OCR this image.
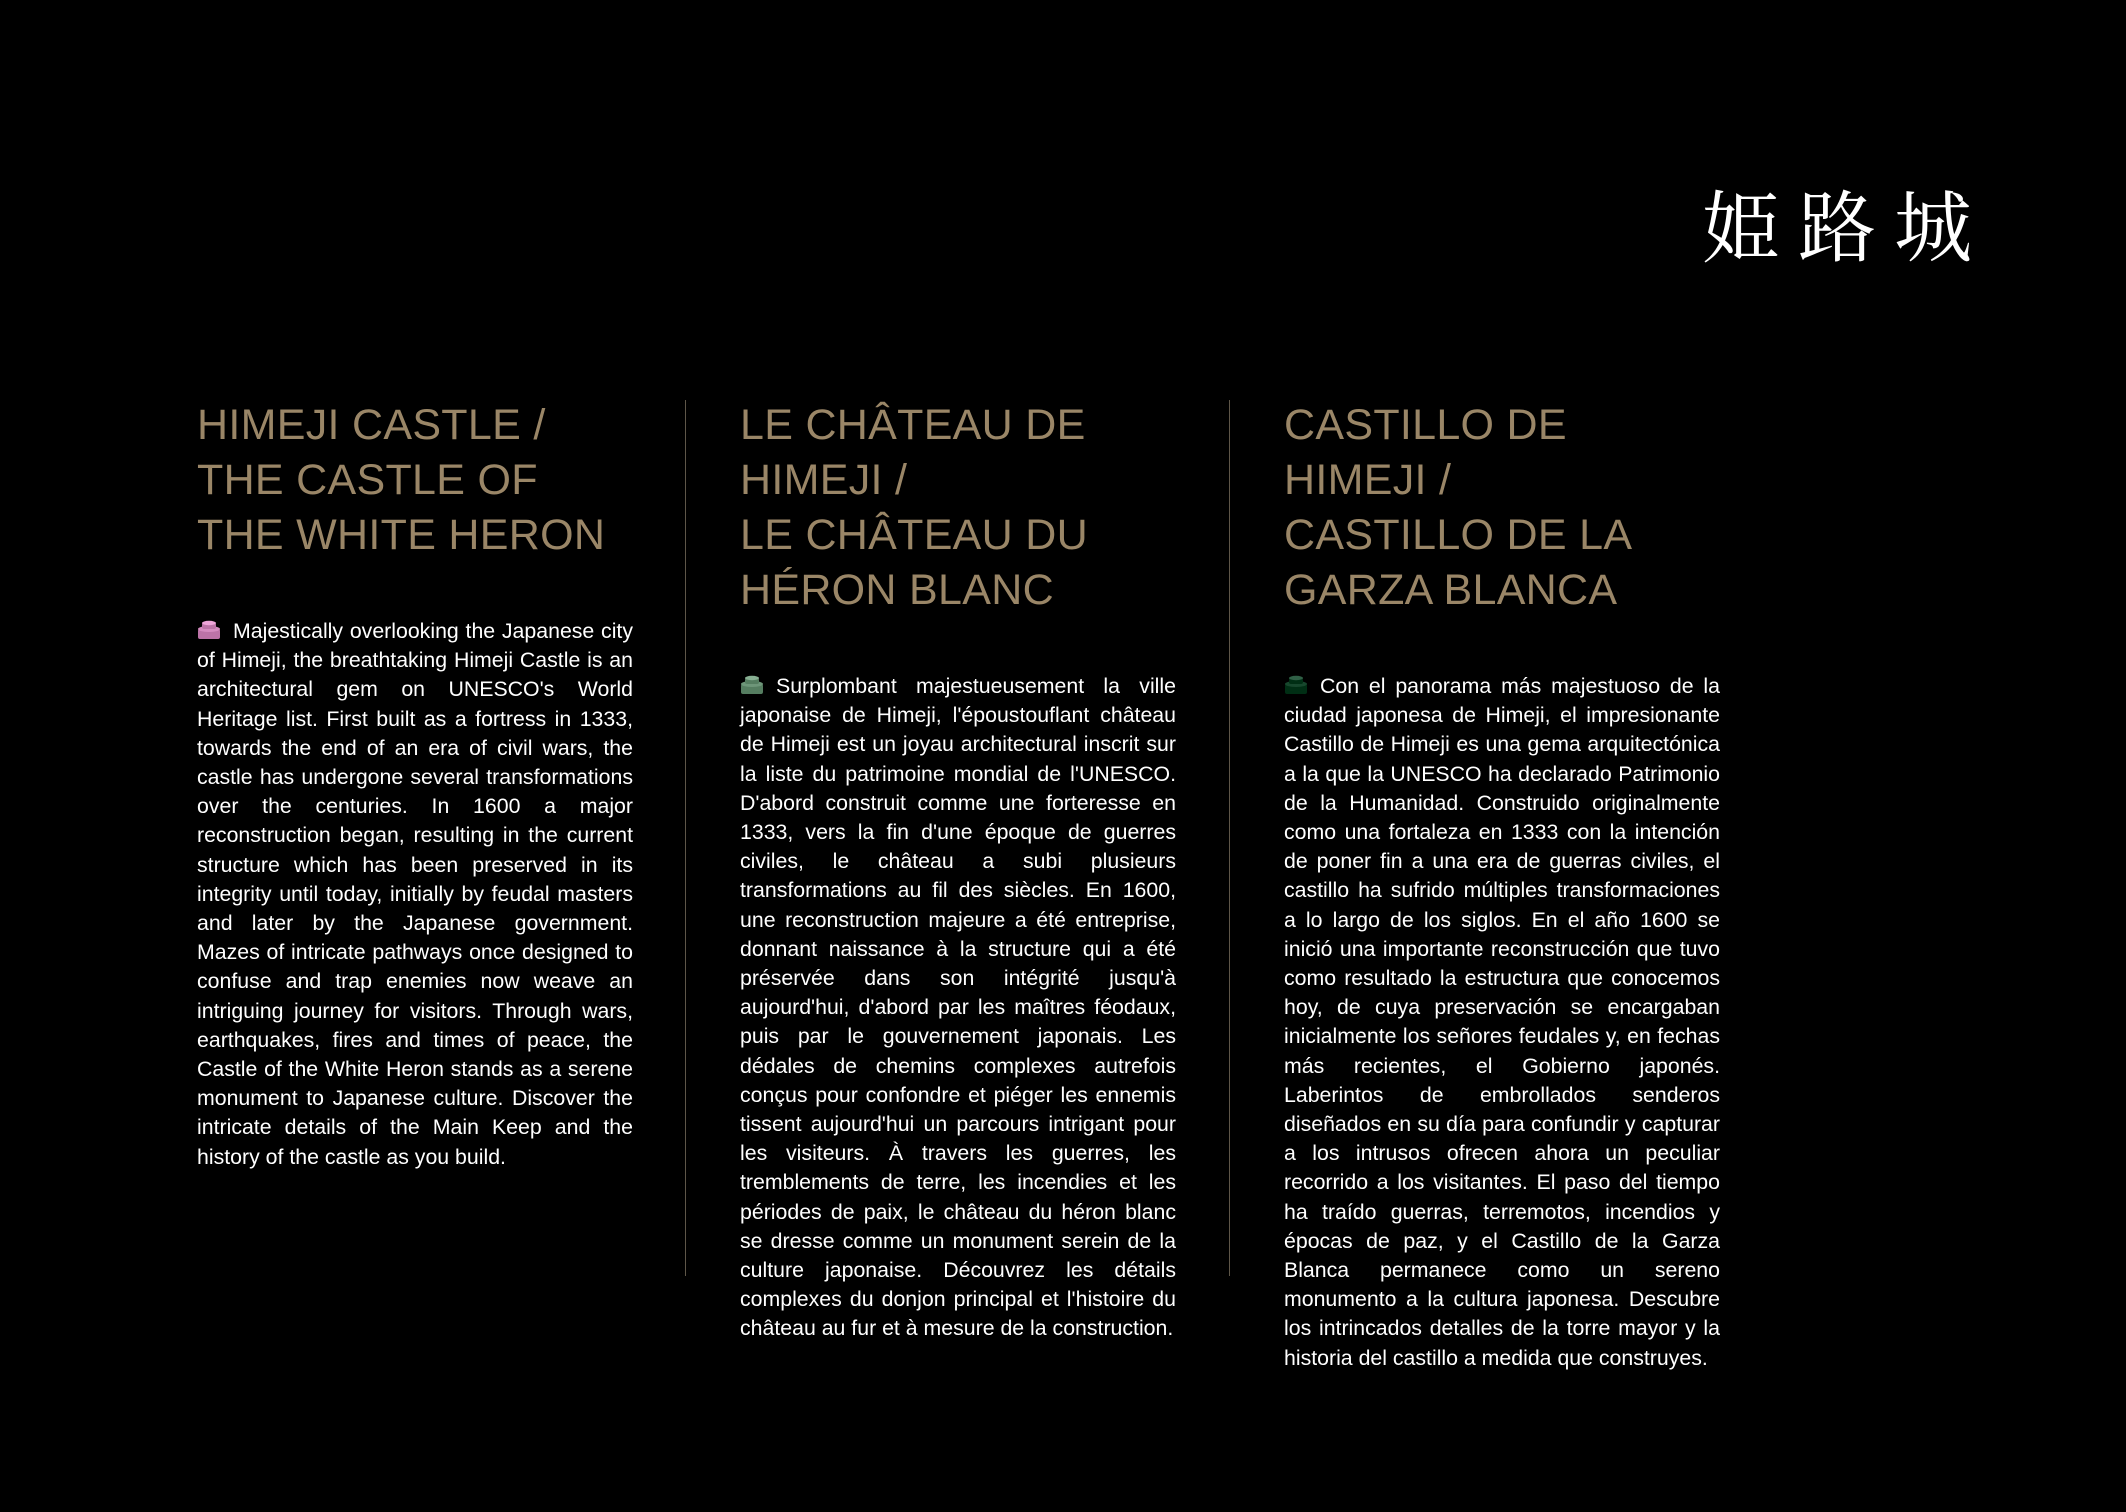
姫路城
HIMEJI CASTLE /
THE CASTLE OF
THE WHITE HERON

Majestically overlooking the Japanese city of Himeji, the breathtaking Himeji Castle is an architectural gem on UNESCO's World Heritage list. First built as a fortress in 1333, towards the end of an era of civil wars, the castle has undergone several transformations over the centuries. In 1600 a major reconstruction began, resulting in the current structure which has been preserved in its integrity until today, initially by feudal masters and later by the Japanese government. Mazes of intricate pathways once designed to confuse and trap enemies now weave an intriguing journey for visitors. Through wars, earthquakes, fires and times of peace, the Castle of the White Heron stands as a serene monument to Japanese culture. Discover the intricate details of the Main Keep and the history of the castle as you build.

LE CHÂTEAU DE HIMEJI /
LE CHÂTEAU DU
HÉRON BLANC

Surplombant majestueusement la ville japonaise de Himeji, l'époustouflant château de Himeji est un joyau architectural inscrit sur la liste du patrimoine mondial de l'UNESCO. D'abord construit comme une forteresse en 1333, vers la fin d'une époque de guerres civiles, le château a subi plusieurs transformations au fil des siècles. En 1600, une reconstruction majeure a été entreprise, donnant naissance à la structure qui a été préservée dans son intégrité jusqu'à aujourd'hui, d'abord par les maîtres féodaux, puis par le gouvernement japonais. Les dédales de chemins complexes autrefois conçus pour confondre et piéger les ennemis tissent aujourd'hui un parcours intrigant pour les visiteurs. À travers les guerres, les tremblements de terre, les incendies et les périodes de paix, le château du héron blanc se dresse comme un monument serein de la culture japonaise. Découvrez les détails complexes du donjon principal et l'histoire du château au fur et à mesure de la construction.

CASTILLO DE HIMEJI /
CASTILLO DE LA
GARZA BLANCA

Con el panorama más majestuoso de la ciudad japonesa de Himeji, el impresionante Castillo de Himeji es una gema arquitectónica a la que la UNESCO ha declarado Patrimonio de la Humanidad. Construido originalmente como una fortaleza en 1333 con la intención de poner fin a una era de guerras civiles, el castillo ha sufrido múltiples transformaciones a lo largo de los siglos. En el año 1600 se inició una importante reconstrucción que tuvo como resultado la estructura que conocemos hoy, de cuya preservación se encargaban inicialmente los señores feudales y, en fechas más recientes, el Gobierno japonés. Laberintos de embrollados senderos diseñados en su día para confundir y capturar a los intrusos ofrecen ahora un peculiar recorrido a los visitantes. El paso del tiempo ha traído guerras, terremotos, incendios y épocas de paz, y el Castillo de la Garza Blanca permanece como un sereno monumento a la cultura japonesa. Descubre los intrincados detalles de la torre mayor y la historia del castillo a medida que construyes.
